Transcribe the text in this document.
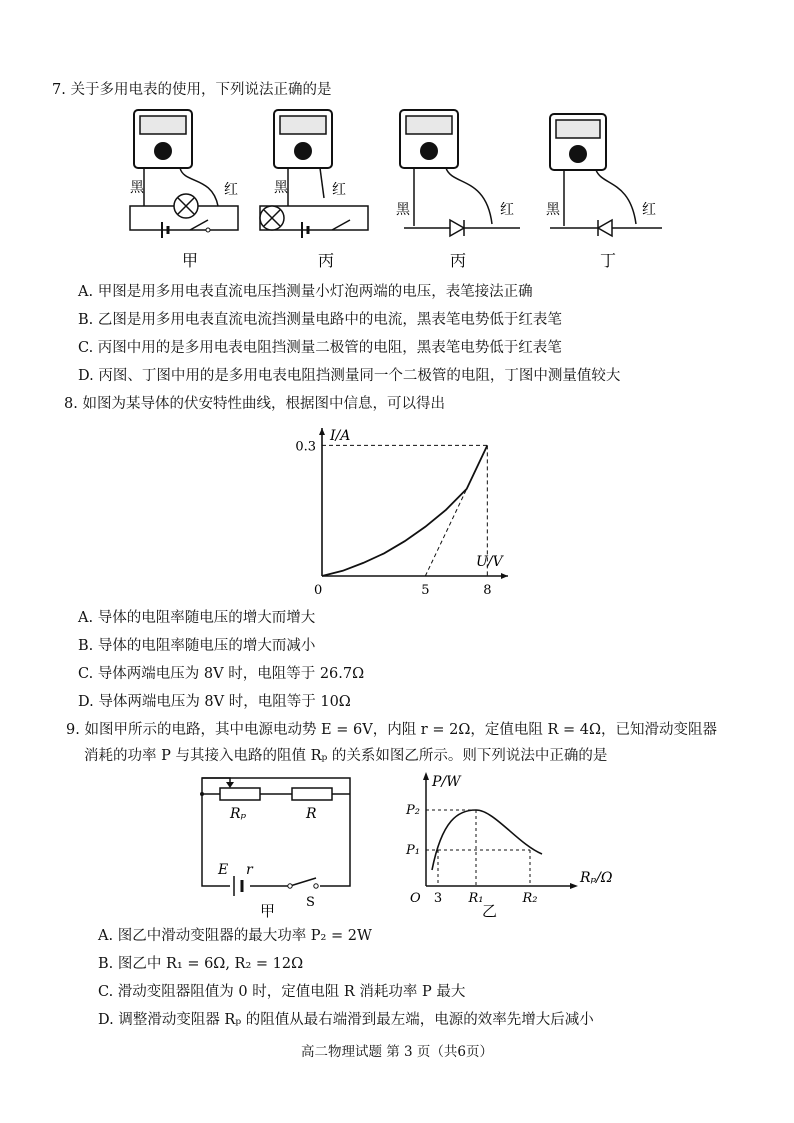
7. 关于多用电表的使用，下列说法正确的是
黑	红
甲
黑	红
丙
黑	红
丙
黑	红
丁
A. 甲图是用多用电表直流电压挡测量小灯泡两端的电压，表笔接法正确
B. 乙图是用多用电表直流电流挡测量电路中的电流，黑表笔电势低于红表笔
C. 丙图中用的是多用电表电阻挡测量二极管的电阻，黑表笔电势低于红表笔
D. 丙图、丁图中用的是多用电表电阻挡测量同一个二极管的电阻，丁图中测量值较大
8. 如图为某导体的伏安特性曲线，根据图中信息，可以得出
I/A
U/V
0
0.3
5	8
A. 导体的电阻率随电压的增大而增大
B. 导体的电阻率随电压的增大而减小
C. 导体两端电压为 8V 时，电阻等于 26.7Ω
D. 导体两端电压为 8V 时，电阻等于 10Ω
9. 如图甲所示的电路，其中电源电动势 E = 6V，内阻 r = 2Ω，定值电阻 R = 4Ω，已知滑动变阻器
消耗的功率 P 与其接入电路的阻值 Rₚ 的关系如图乙所示。则下列说法中正确的是
Rₚ	R
E r
S
甲
P/W
Rₚ/Ω
O
P₂
P₁
3 R₁	R₂
乙
A. 图乙中滑动变阻器的最大功率 P₂ = 2W
B. 图乙中 R₁ = 6Ω, R₂ = 12Ω
C. 滑动变阻器阻值为 0 时，定值电阻 R 消耗功率 P 最大
D. 调整滑动变阻器 Rₚ 的阻值从最右端滑到最左端，电源的效率先增大后减小
高二物理试题 第 3 页（共6页）
